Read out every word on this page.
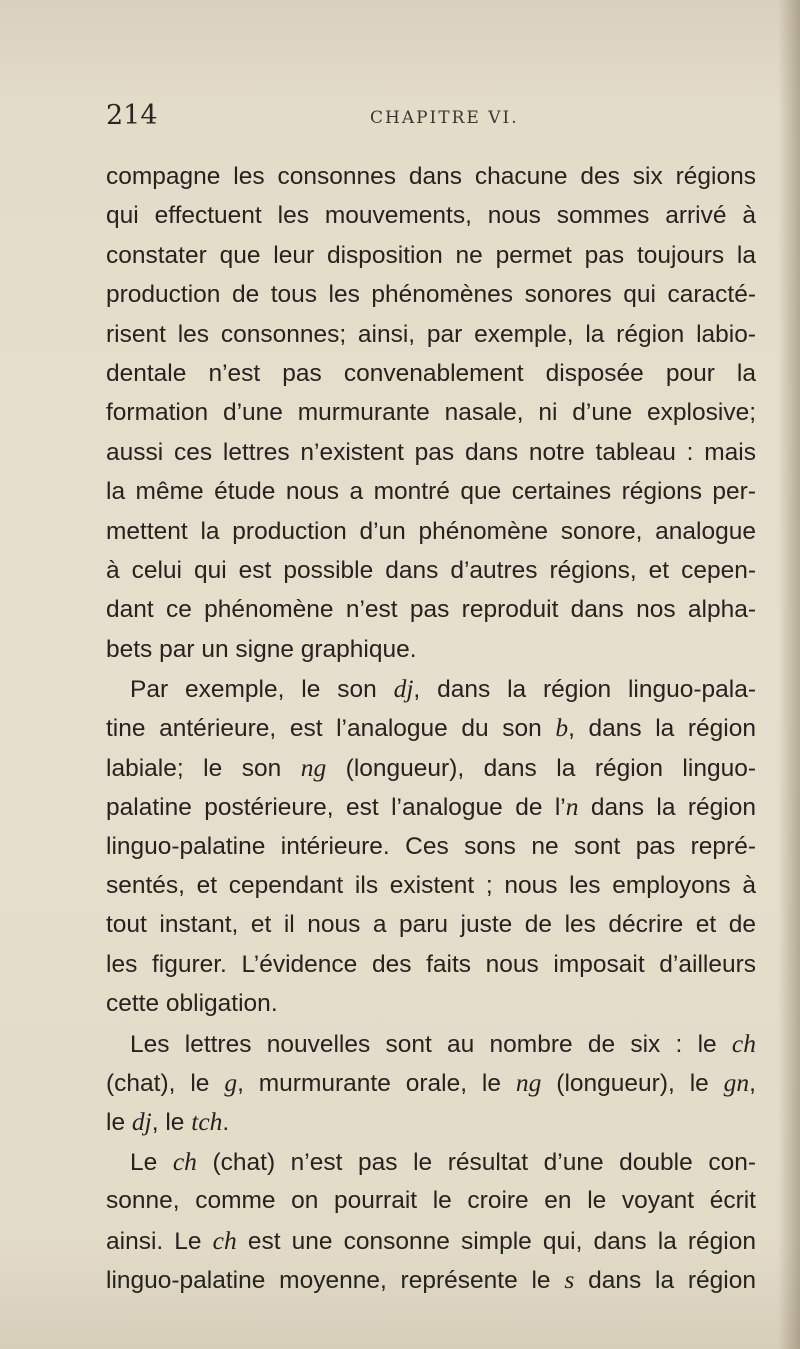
214	CHAPITRE VI.
compagne les consonnes dans chacune des six régions
qui effectuent les mouvements, nous sommes arrivé à
constater que leur disposition ne permet pas toujours la
production de tous les phénomènes sonores qui caracté-
risent les consonnes; ainsi, par exemple, la région labio-
dentale n’est pas convenablement disposée pour la
formation d’une murmurante nasale, ni d’une explosive;
aussi ces lettres n’existent pas dans notre tableau : mais
la même étude nous a montré que certaines régions per-
mettent la production d’un phénomène sonore, analogue
à celui qui est possible dans d’autres régions, et cepen-
dant ce phénomène n’est pas reproduit dans nos alpha-
bets par un signe graphique.
Par exemple, le son dj, dans la région linguo-pala-
tine antérieure, est l’analogue du son b, dans la région
labiale; le son ng (longueur), dans la région linguo-
palatine postérieure, est l’analogue de l’n dans la région
linguo-palatine intérieure. Ces sons ne sont pas repré-
sentés, et cependant ils existent ; nous les employons à
tout instant, et il nous a paru juste de les décrire et de
les figurer. L’évidence des faits nous imposait d’ailleurs
cette obligation.
Les lettres nouvelles sont au nombre de six : le ch
(chat), le g, murmurante orale, le ng (longueur), le gn,
le dj, le tch.
Le ch (chat) n’est pas le résultat d’une double con-
sonne, comme on pourrait le croire en le voyant écrit
ainsi. Le ch est une consonne simple qui, dans la région
linguo-palatine moyenne, représente le s dans la région
